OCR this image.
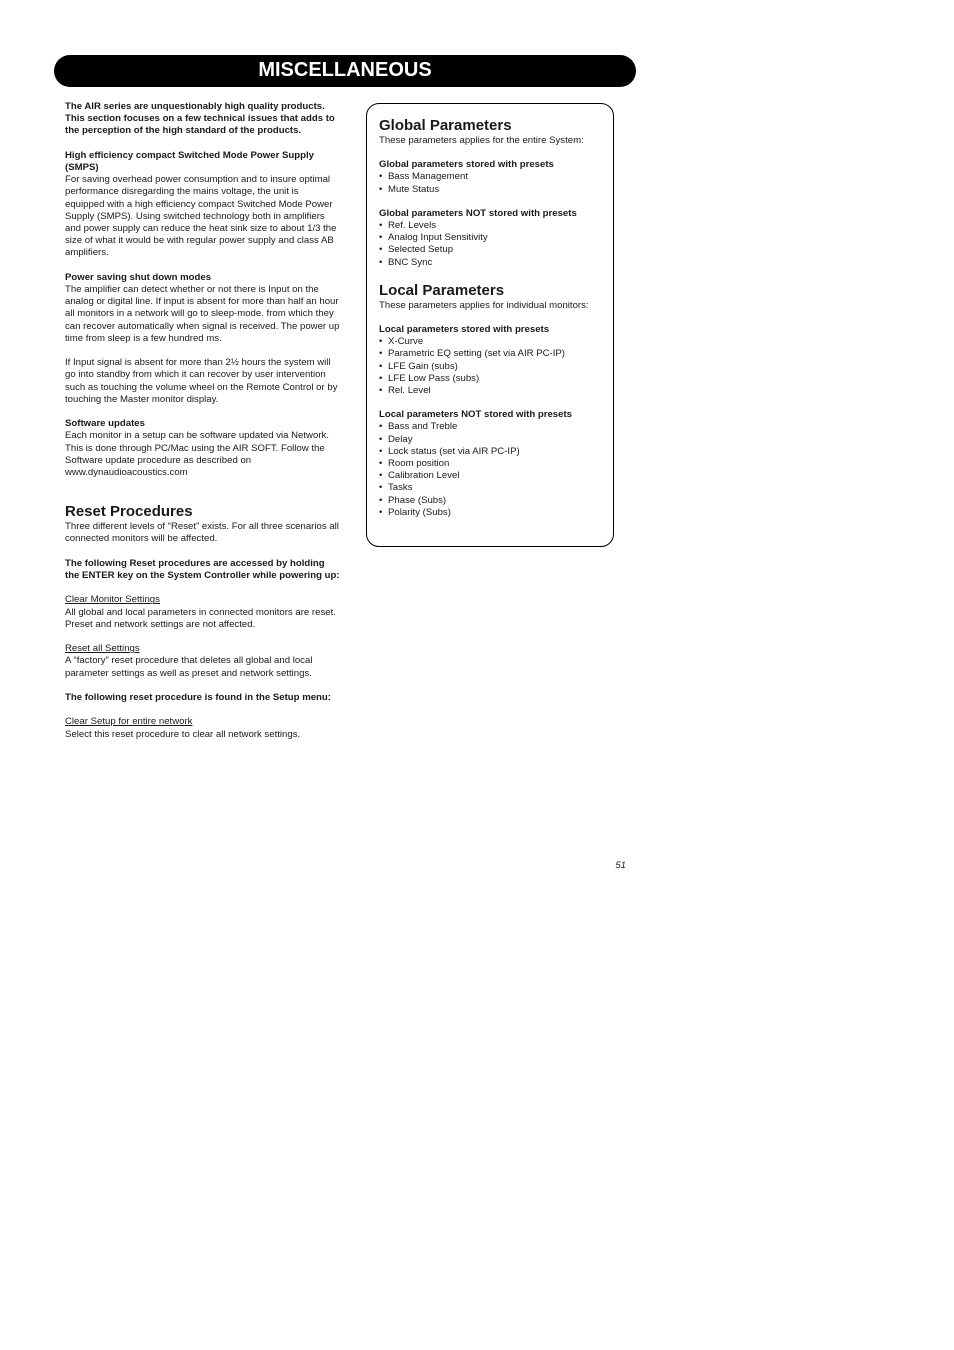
MISCELLANEOUS

The AIR series are unquestionably high quality products. This section focuses on a few technical issues that adds to the perception of the high standard of the products.

High efficiency compact Switched Mode Power Supply (SMPS)
For saving overhead power consumption and to insure optimal performance disregarding the mains voltage, the unit is equipped with a high efficiency compact Switched Mode Power Supply (SMPS). Using switched technology both in amplifiers and power supply can reduce the heat sink size to about 1/3 the size of what it would be with regular power supply and class AB amplifiers.

Power saving shut down modes
The amplifier can detect whether or not there is Input on the analog or digital line. If input is absent for more than half an hour all monitors in a network will go to sleep-mode. from which they can recover automatically when signal is received. The power up time from sleep is a few hundred ms.

If Input signal is absent for more than 2½ hours the system will go into standby from which it can recover by user intervention such as touching the volume wheel on the Remote Control or by touching the Master monitor display.

Software updates
Each monitor in a setup can be software updated via Network. This is done through PC/Mac using the AIR SOFT. Follow the Software update procedure as described on www.dynaudioacoustics.com

Reset Procedures

Three different levels of “Reset” exists. For all three scenarios all connected monitors will be affected.

The following Reset procedures are accessed by holding the ENTER key on the System Controller while powering up:

Clear Monitor Settings
All global and local parameters in connected monitors are reset. Preset and network settings are not affected.

Reset all Settings
A “factory” reset procedure that deletes all global and local parameter settings as well as preset and network settings.

The following reset procedure is found in the Setup menu:

Clear Setup for entire network
Select this reset procedure to clear all network settings.

Global Parameters

These parameters applies for the entire System:

Global parameters stored with presets

• Bass Management
• Mute Status

Global parameters NOT stored with presets

• Ref. Levels
• Analog Input Sensitivity
• Selected Setup
• BNC Sync
Local Parameters

These parameters applies for individual monitors:

Local parameters stored with presets

• X-Curve
• Parametric EQ setting (set via AIR PC-IP)
• LFE Gain (subs)
• LFE Low Pass (subs)
• Rel. Level

Local parameters NOT stored with presets

• Bass and Treble
• Delay
• Lock status (set via AIR PC-IP)
• Room position
• Calibration Level
• Tasks
• Phase (Subs)
• Polarity (Subs)
51
